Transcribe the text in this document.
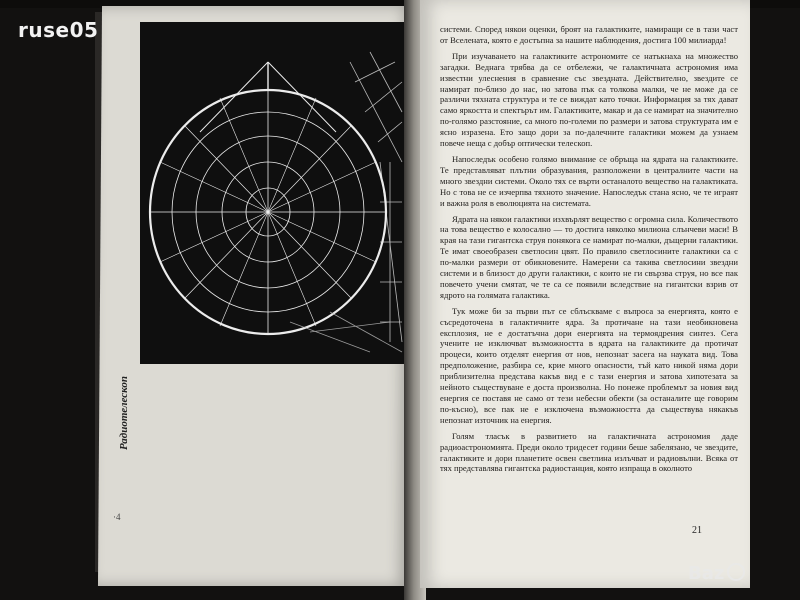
ruse05
Радиотелескоп
·4

системи. Според някои оценки, броят на галактиките, намиращи се в тази част от Вселената, която е достъпна за нашите наблюдения, достига 100 милиарда!

При изучаването на галактиките астрономите се натъкнаха на множество загадки. Веднага трябва да се отбележи, че галактичната астрономия има известни улеснения в сравнение със звездната. Действително, звездите се намират по-близо до нас, но затова пък са толкова малки, че не може да се различи тяхната структура и те се виждат като точки. Информация за тях дават само яркостта и спектърът им. Галактиките, макар и да се намират на значително по-голямо разстояние, са много по-големи по размери и затова структурата им е ясно изразена. Ето защо дори за по-далечните галактики можем да узнаем повече неща с добър оптически телескоп.

Напоследък особено голямо внимание се обръща на ядрата на галактиките. Те представляват плътни образувания, разположени в централните части на много звездни системи. Около тях се върти останалото вещество на галактиката. Но с това не се изчерпва тяхното значение. Напоследък стана ясно, че те играят и важна роля в еволюцията на системата.

Ядрата на някои галактики изхвърлят вещество с огромна сила. Количеството на това вещество е колосално — то достига няколко милиона слънчеви маси! В края на тази гигантска струя понякога се намират по-малки, дъщерни галактики. Те имат своеобразен светлосин цвят. По правило светлосините галактики са с по-малки размери от обикновените. Намерени са такива светлосини звездни системи и в близост до други галактики, с които не ги свързва струя, но все пак повечето учени смятат, че те са се появили вследствие на гигантски взрив от ядрото на голямата галактика.

Тук може би за първи път се сблъскваме с въпроса за енергията, която е съсредоточена в галактичните ядра. За протичане на тази необикновена експлозия, не е достатъчна дори енергията на термоядрения синтез. Сега учените не изключват възможността в ядрата на галактиките да протичат процеси, които отделят енергия от нов, непознат засега на науката вид. Това предположение, разбира се, крие много опасности, тъй като никой няма дори приблизителна представа какъв вид е с тази енергия и затова хипотезата за нейното съществуване е доста произволна. Но понеже проблемът за новия вид енергия се поставя не само от тези небесни обекти (за останалите ще говорим по-късно), все пак не е изключена възможността да съществува някакъв непознат източник на енергия.

Голям тласък в развитието на галактичната астрономия даде радиоастрономията. Преди около тридесет години беше забелязано, че звездите, галактиките и дори планетите освен светлина излъчват и радиовълни. Всяка от тях представлява гигантска радиостанция, която изпраща в околното

21
Baz
